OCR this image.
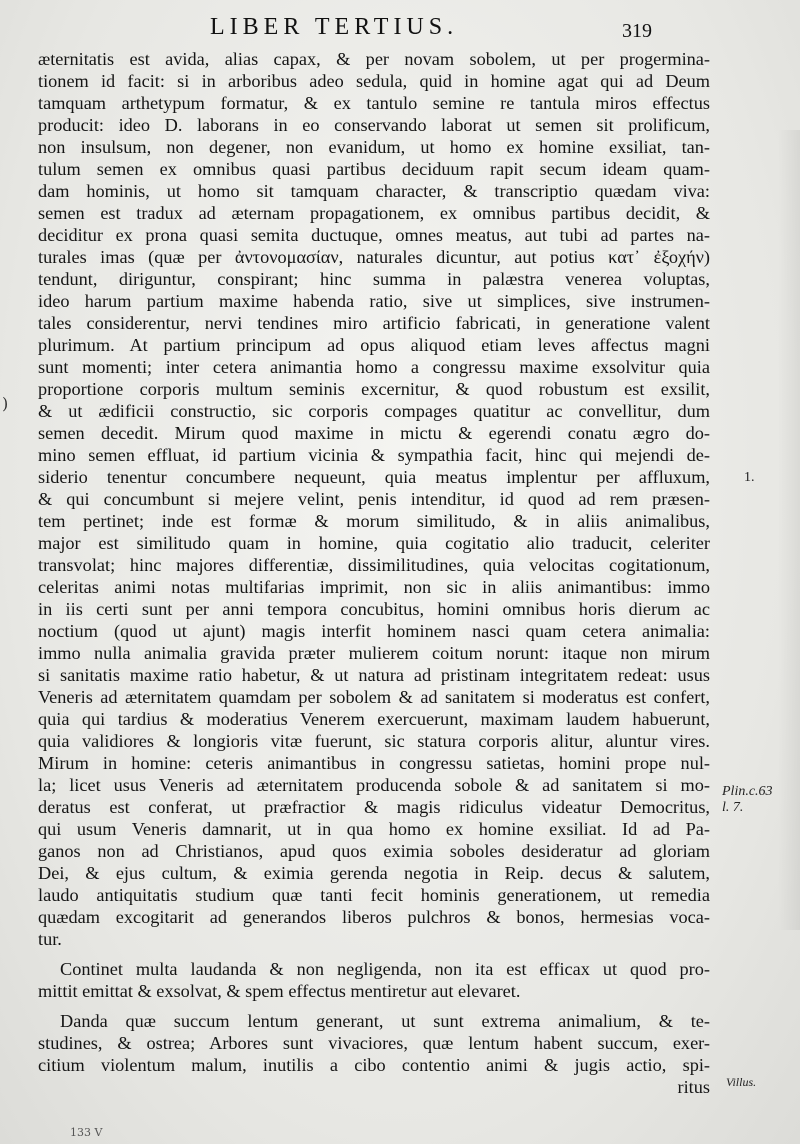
LIBER TERTIUS.	319
)
æternitatis est avida, alias capax, & per novam sobolem, ut per progermina-
tionem id facit: si in arboribus adeo sedula, quid in homine agat qui ad Deum
tamquam arthetypum formatur, & ex tantulo semine re tantula miros effectus
producit: ideo D. laborans in eo conservando laborat ut semen sit prolificum,
non insulsum, non degener, non evanidum, ut homo ex homine exsiliat, tan-
tulum semen ex omnibus quasi partibus deciduum rapit secum ideam quam-
dam hominis, ut homo sit tamquam character, & transcriptio quædam viva:
semen est tradux ad æternam propagationem, ex omnibus partibus decidit, &
deciditur ex prona quasi semita ductuque, omnes meatus, aut tubi ad partes na-
turales imas (quæ per ἀντονομασίαν, naturales dicuntur, aut potius κατ᾽ ἐξοχήν)
tendunt, diriguntur, conspirant; hinc summa in palæstra venerea voluptas,
ideo harum partium maxime habenda ratio, sive ut simplices, sive instrumen-
tales considerentur, nervi tendines miro artificio fabricati, in generatione valent
plurimum. At partium principum ad opus aliquod etiam leves affectus magni
sunt momenti; inter cetera animantia homo a congressu maxime exsolvitur quia
proportione corporis multum seminis excernitur, & quod robustum est exsilit,
& ut ædificii constructio, sic corporis compages quatitur ac convellitur, dum
semen decedit. Mirum quod maxime in mictu & egerendi conatu ægro do-
mino semen effluat, id partium vicinia & sympathia facit, hinc qui mejendi de-
siderio tenentur concumbere nequeunt, quia meatus implentur per affluxum,
& qui concumbunt si mejere velint, penis intenditur, id quod ad rem præsen-
tem pertinet; inde est formæ & morum similitudo, & in aliis animalibus,
major est similitudo quam in homine, quia cogitatio alio traducit, celeriter
transvolat; hinc majores differentiæ, dissimilitudines, quia velocitas cogitationum,
celeritas animi notas multifarias imprimit, non sic in aliis animantibus: immo
in iis certi sunt per anni tempora concubitus, homini omnibus horis dierum ac
noctium (quod ut ajunt) magis interfit hominem nasci quam cetera animalia:
immo nulla animalia gravida præter mulierem coitum norunt: itaque non mirum
si sanitatis maxime ratio habetur, & ut natura ad pristinam integritatem redeat: usus
Veneris ad æternitatem quamdam per sobolem & ad sanitatem si moderatus est confert,
quia qui tardius & moderatius Venerem exercuerunt, maximam laudem habuerunt,
quia validiores & longioris vitæ fuerunt, sic statura corporis alitur, aluntur vires.
Mirum in homine: ceteris animantibus in congressu satietas, homini prope nul-
la; licet usus Veneris ad æternitatem producenda sobole & ad sanitatem si mo-
deratus est conferat, ut præfractior & magis ridiculus videatur Democritus,
qui usum Veneris damnarit, ut in qua homo ex homine exsiliat. Id ad Pa-
ganos non ad Christianos, apud quos eximia soboles desideratur ad gloriam
Dei, & ejus cultum, & eximia gerenda negotia in Reip. decus & salutem,
laudo antiquitatis studium quæ tanti fecit hominis generationem, ut remedia
quædam excogitarit ad generandos liberos pulchros & bonos, hermesias voca-
tur.
Continet multa laudanda & non negligenda, non ita est efficax ut quod pro-
mittit emittat & exsolvat, & spem effectus mentiretur aut elevaret.
Danda quæ succum lentum generant, ut sunt extrema animalium, & te-
studines, & ostrea; Arbores sunt vivaciores, quæ lentum habent succum, exer-
citium violentum malum, inutilis a cibo contentio animi & jugis actio, spi-
ritus
1.
Plin.c.63
l. 7.
Villus.
133 V
